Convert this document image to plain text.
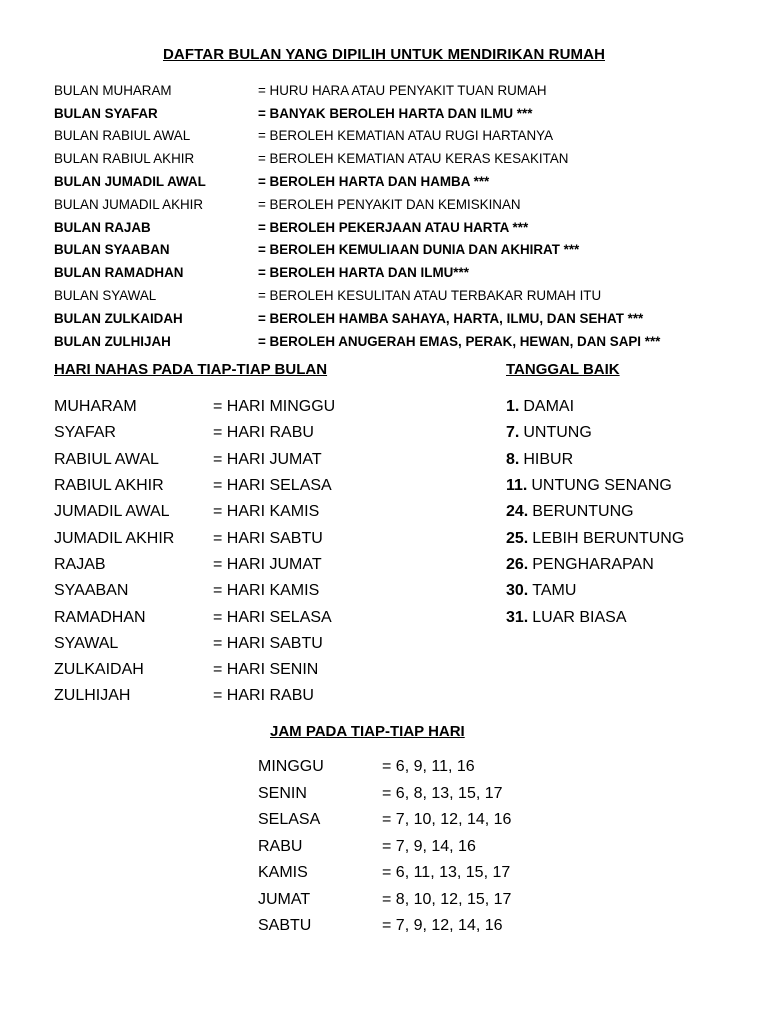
DAFTAR BULAN YANG DIPILIH UNTUK MENDIRIKAN RUMAH
BULAN MUHARAM	= HURU HARA ATAU PENYAKIT TUAN RUMAH
BULAN SYAFAR	= BANYAK BEROLEH HARTA DAN ILMU ***
BULAN RABIUL AWAL	= BEROLEH KEMATIAN ATAU RUGI HARTANYA
BULAN RABIUL AKHIR	= BEROLEH KEMATIAN ATAU KERAS KESAKITAN
BULAN JUMADIL AWAL	= BEROLEH HARTA DAN HAMBA ***
BULAN JUMADIL AKHIR	= BEROLEH PENYAKIT DAN KEMISKINAN
BULAN RAJAB	= BEROLEH PEKERJAAN ATAU HARTA ***
BULAN SYAABAN	= BEROLEH KEMULIAAN DUNIA DAN AKHIRAT ***
BULAN RAMADHAN	= BEROLEH HARTA DAN ILMU***
BULAN SYAWAL	= BEROLEH KESULITAN ATAU TERBAKAR RUMAH ITU
BULAN ZULKAIDAH	= BEROLEH HAMBA SAHAYA, HARTA, ILMU, DAN SEHAT ***
BULAN ZULHIJAH	= BEROLEH ANUGERAH EMAS, PERAK, HEWAN, DAN SAPI ***
HARI NAHAS PADA TIAP-TIAP BULAN	TANGGAL BAIK
MUHARAM	= HARI MINGGU
SYAFAR	= HARI RABU
RABIUL AWAL	= HARI JUMAT
RABIUL AKHIR	= HARI SELASA
JUMADIL AWAL	= HARI KAMIS
JUMADIL AKHIR	= HARI SABTU
RAJAB	= HARI JUMAT
SYAABAN	= HARI KAMIS
RAMADHAN	= HARI SELASA
SYAWAL	= HARI SABTU
ZULKAIDAH	= HARI SENIN
ZULHIJAH	= HARI RABU
1. DAMAI
7. UNTUNG
8. HIBUR
11. UNTUNG SENANG
24. BERUNTUNG
25. LEBIH BERUNTUNG
26. PENGHARAPAN
30. TAMU
31. LUAR BIASA
JAM PADA TIAP-TIAP HARI
MINGGU	= 6, 9, 11, 16
SENIN	= 6, 8, 13, 15, 17
SELASA	= 7, 10, 12, 14, 16
RABU	= 7, 9, 14, 16
KAMIS	= 6, 11, 13, 15, 17
JUMAT	= 8, 10, 12, 15, 17
SABTU	= 7, 9, 12, 14, 16
